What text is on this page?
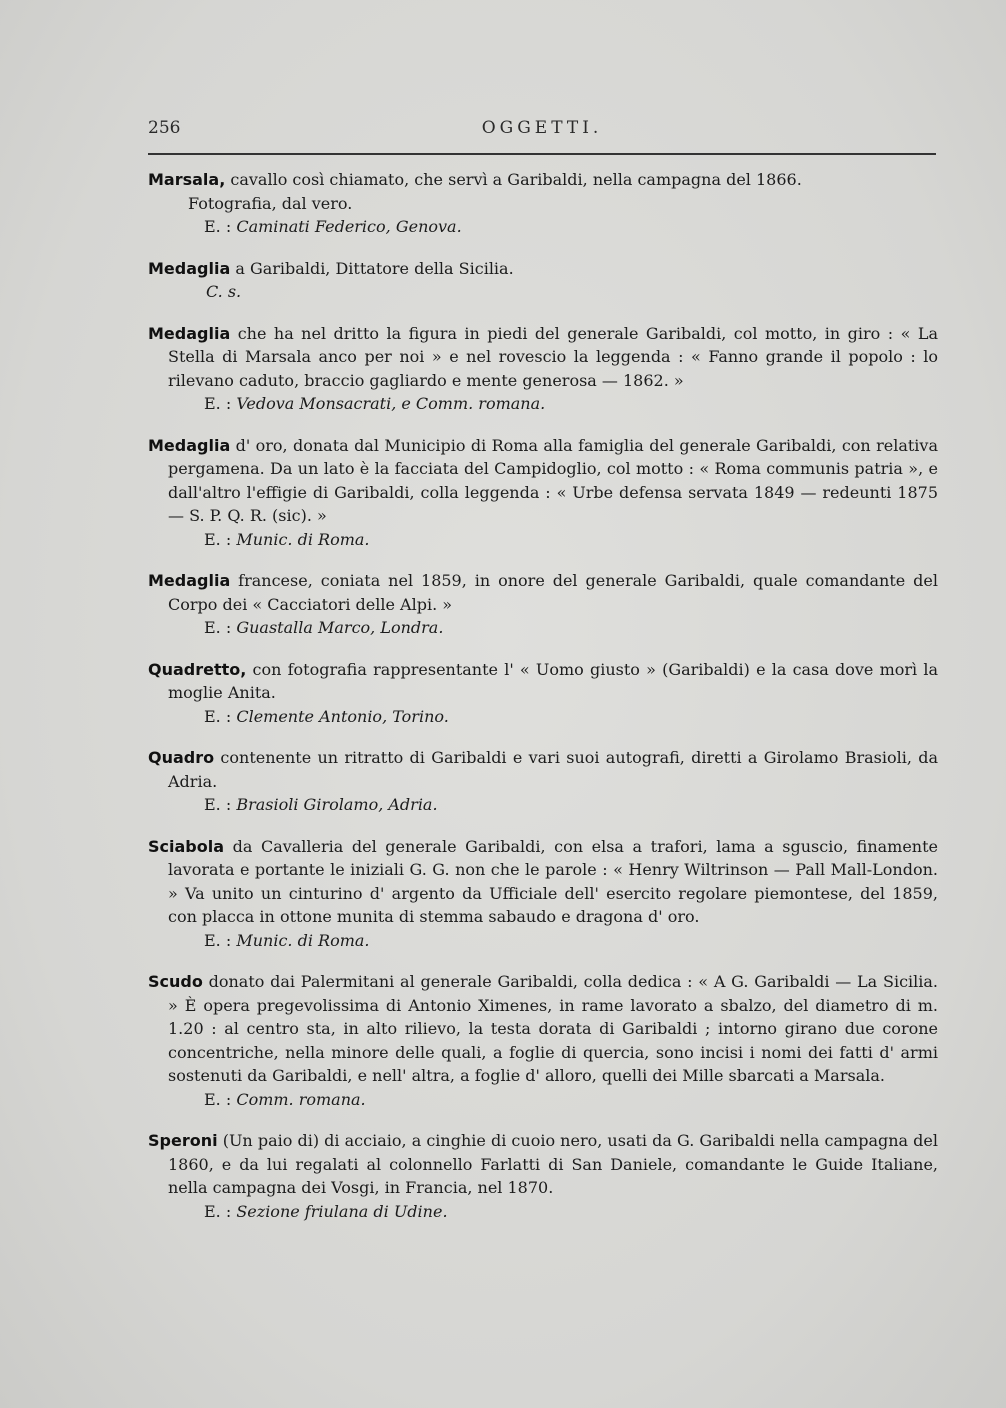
256	OGGETTI.
Marsala, cavallo così chiamato, che servì a Garibaldi, nella campagna del 1866.
Fotografia, dal vero.
E. : Caminati Federico, Genova.
Medaglia a Garibaldi, Dittatore della Sicilia.
C. s.
Medaglia che ha nel dritto la figura in piedi del generale Garibaldi, col motto, in giro : « La Stella di Marsala anco per noi » e nel rovescio la leggenda : « Fanno grande il popolo : lo rilevano caduto, braccio gagliardo e mente generosa — 1862. »
E. : Vedova Monsacrati, e Comm. romana.
Medaglia d' oro, donata dal Municipio di Roma alla famiglia del generale Garibaldi, con relativa pergamena. Da un lato è la facciata del Campidoglio, col motto : « Roma communis patria », e dall'altro l'effigie di Garibaldi, colla leggenda : « Urbe defensa servata 1849 — redeunti 1875 — S. P. Q. R. (sic). »
E. : Munic. di Roma.
Medaglia francese, coniata nel 1859, in onore del generale Garibaldi, quale comandante del Corpo dei « Cacciatori delle Alpi. »
E. : Guastalla Marco, Londra.
Quadretto, con fotografia rappresentante l' « Uomo giusto » (Garibaldi) e la casa dove morì la moglie Anita.
E. : Clemente Antonio, Torino.
Quadro contenente un ritratto di Garibaldi e vari suoi autografi, diretti a Girolamo Brasioli, da Adria.
E. : Brasioli Girolamo, Adria.
Sciabola da Cavalleria del generale Garibaldi, con elsa a trafori, lama a sguscio, finamente lavorata e portante le iniziali G. G. non che le parole : « Henry Wiltrinson — Pall Mall-London. » Va unito un cinturino d' argento da Ufficiale dell' esercito regolare piemontese, del 1859, con placca in ottone munita di stemma sabaudo e dragona d' oro.
E. : Munic. di Roma.
Scudo donato dai Palermitani al generale Garibaldi, colla dedica : « A G. Garibaldi — La Sicilia. » È opera pregevolissima di Antonio Ximenes, in rame lavorato a sbalzo, del diametro di m. 1.20 : al centro sta, in alto rilievo, la testa dorata di Garibaldi ; intorno girano due corone concentriche, nella minore delle quali, a foglie di quercia, sono incisi i nomi dei fatti d' armi sostenuti da Garibaldi, e nell' altra, a foglie d' alloro, quelli dei Mille sbarcati a Marsala.
E. : Comm. romana.
Speroni (Un paio di) di acciaio, a cinghie di cuoio nero, usati da G. Garibaldi nella campagna del 1860, e da lui regalati al colonnello Farlatti di San Daniele, comandante le Guide Italiane, nella campagna dei Vosgi, in Francia, nel 1870.
E. : Sezione friulana di Udine.
